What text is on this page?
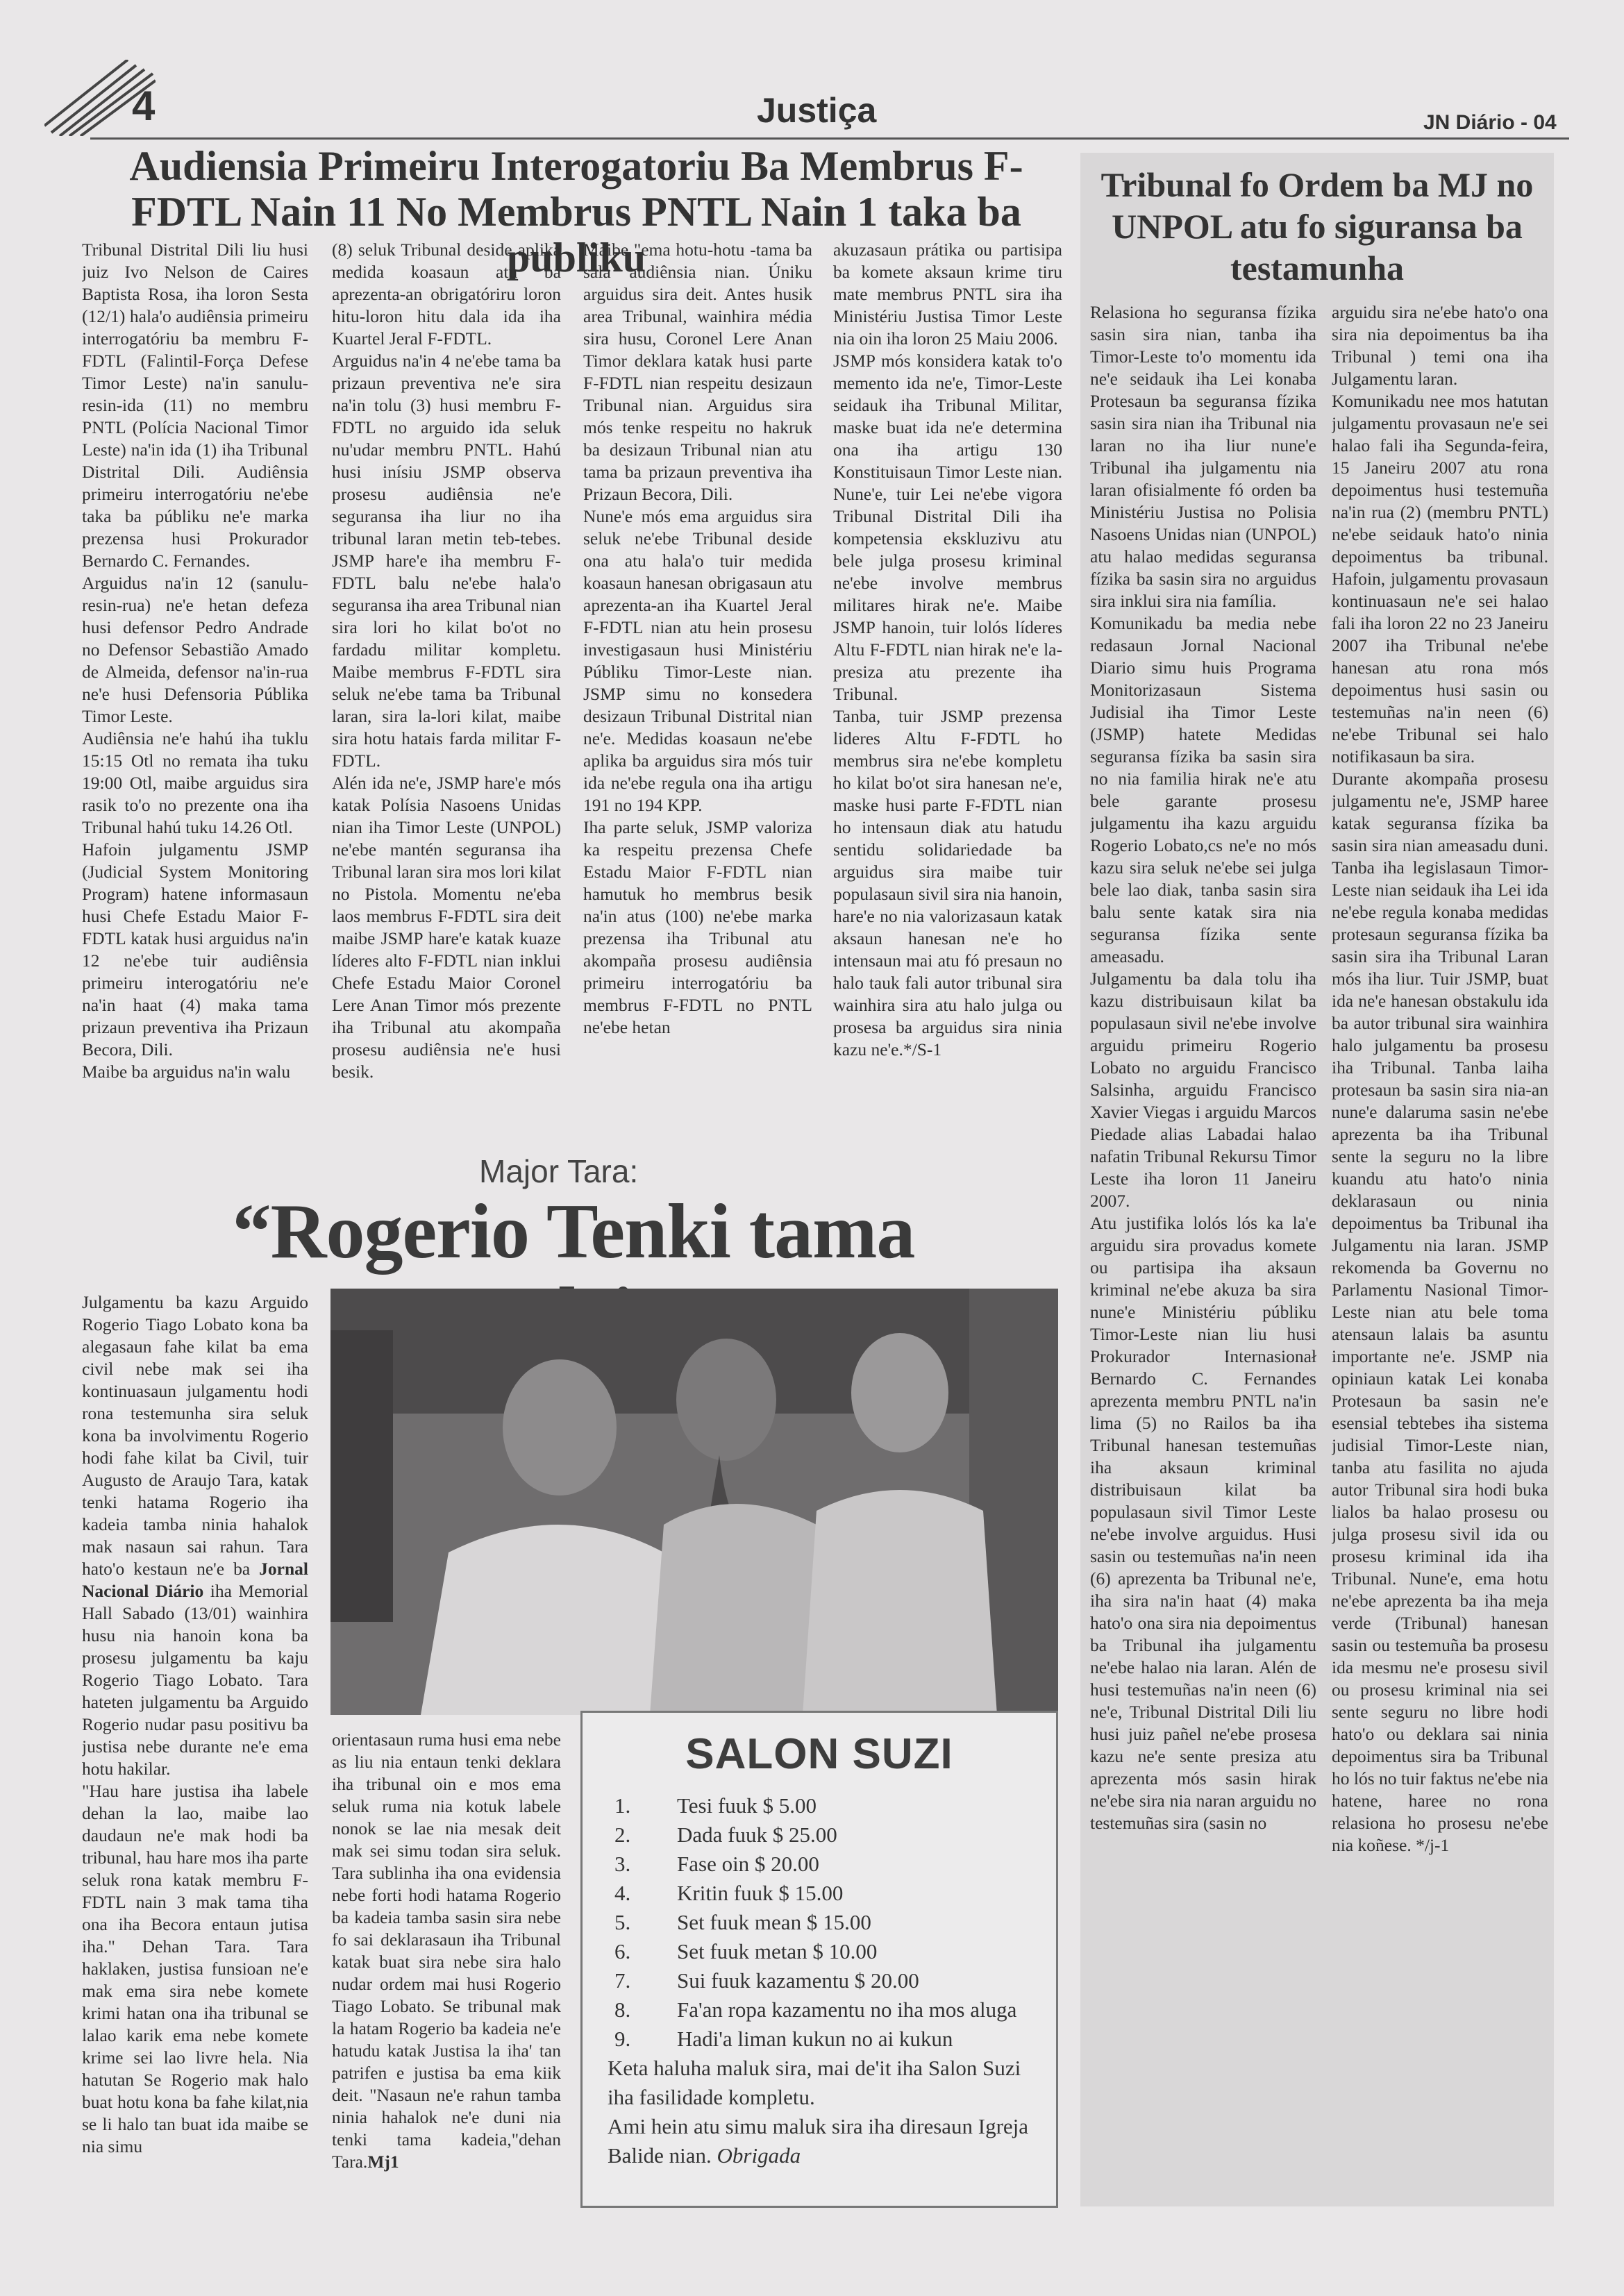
4	Justiça	JN Diário - 04
Audiensia Primeiru Interogatoriu Ba Membrus F-FDTL Nain 11 No Membrus PNTL Nain 1 taka ba publiku

Tribunal Distrital Dili liu husi juiz Ivo Nelson de Caires Baptista Rosa, iha loron Sesta (12/1) hala'o audiênsia primeiru interrogatóriu ba membru F-FDTL (Falintil-Força Defese Timor Leste) na'in sanulu-resin-ida (11) no membru PNTL (Polícia Nacional Timor Leste) na'in ida (1) iha Tribunal Distrital Dili. Audiênsia primeiru interrogatóriu ne'ebe taka ba públiku ne'e marka prezensa husi Prokurador Bernardo C. Fernandes.

Arguidus na'in 12 (sanulu-resin-rua) ne'e hetan defeza husi defensor Pedro Andrade no Defensor Sebastião Amado de Almeida, defensor na'in-rua ne'e husi Defensoria Públika Timor Leste.

Audiênsia ne'e hahú iha tuklu 15:15 Otl no remata iha tuku 19:00 Otl, maibe arguidus sira rasik to'o no prezente ona iha Tribunal hahú tuku 14.26 Otl.

Hafoin julgamentu JSMP (Judicial System Monitoring Program) hatene informasaun husi Chefe Estadu Maior F-FDTL katak husi arguidus na'in 12 ne'ebe tuir audiênsia primeiru interogatóriu ne'e na'in haat (4) maka tama prizaun preventiva iha Prizaun Becora, Dili.

Maibe ba arguidus na'in walu

(8) seluk Tribunal deside aplika medida koasaun atu ba aprezenta-an obrigatóriru loron hitu-loron hitu dala ida iha Kuartel Jeral F-FDTL.

Arguidus na'in 4 ne'ebe tama ba prizaun preventiva ne'e sira na'in tolu (3) husi membru F-FDTL no arguido ida seluk nu'udar membru PNTL. Hahú husi inísiu JSMP observa prosesu audiênsia ne'e seguransa iha liur no iha tribunal laran metin teb-tebes. JSMP hare'e iha membru F-FDTL balu ne'ebe hala'o seguransa iha area Tribunal nian sira lori ho kilat bo'ot no fardadu militar kompletu. Maibe membrus F-FDTL sira seluk ne'ebe tama ba Tribunal laran, sira la-lori kilat, maibe sira hotu hatais farda militar F-FDTL.

Alén ida ne'e, JSMP hare'e mós katak Polísia Nasoens Unidas nian iha Timor Leste (UNPOL) ne'ebe mantén seguransa iha Tribunal laran sira mos lori kilat no Pistola. Momentu ne'eba laos membrus F-FDTL sira deit maibe JSMP hare'e katak kuaze líderes alto F-FDTL nian inklui Chefe Estadu Maior Coronel Lere Anan Timor mós prezente iha Tribunal atu akompaña prosesu audiênsia ne'e husi besik.

Maibe "ema hotu-hotu -tama ba sala audiênsia nian. Úniku arguidus sira deit. Antes husik area Tribunal, wainhira média sira husu, Coronel Lere Anan Timor deklara katak husi parte F-FDTL nian respeitu desizaun Tribunal nian. Arguidus sira mós tenke respeitu no hakruk ba desizaun Tribunal nian atu tama ba prizaun preventiva iha Prizaun Becora, Dili.

Nune'e mós ema arguidus sira seluk ne'ebe Tribunal deside ona atu hala'o tuir medida koasaun hanesan obrigasaun atu aprezenta-an iha Kuartel Jeral F-FDTL nian atu hein prosesu investigasaun husi Ministériu Públiku Timor-Leste nian. JSMP simu no konsedera desizaun Tribunal Distrital nian ne'e. Medidas koasaun ne'ebe aplika ba arguidus sira mós tuir ida ne'ebe regula ona iha artigu 191 no 194 KPP.

Iha parte seluk, JSMP valoriza ka respeitu prezensa Chefe Estadu Maior F-FDTL nian hamutuk ho membrus besik na'in atus (100) ne'ebe marka prezensa iha Tribunal atu akompaña prosesu audiênsia primeiru interrogatóriu ba membrus F-FDTL no PNTL ne'ebe hetan

akuzasaun prátika ou partisipa ba komete aksaun krime tiru mate membrus PNTL sira iha Ministériu Justisa Timor Leste nia oin iha loron 25 Maiu 2006.

JSMP mós konsidera katak to'o memento ida ne'e, Timor-Leste seidauk iha Tribunal Militar, maske buat ida ne'e determina ona iha artigu 130 Konstituisaun Timor Leste nian. Nune'e, tuir Lei ne'ebe vigora Tribunal Distrital Dili iha kompetensia ekskluzivu atu bele julga prosesu kriminal ne'ebe involve membrus militares hirak ne'e. Maibe JSMP hanoin, tuir lolós líderes Altu F-FDTL nian hirak ne'e la-presiza atu prezente iha Tribunal.

Tanba, tuir JSMP prezensa lideres Altu F-FDTL ho membrus sira ne'ebe kompletu ho kilat bo'ot sira hanesan ne'e, maske husi parte F-FDTL nian ho intensaun diak atu hatudu sentidu solidariedade ba arguidus sira maibe tuir populasaun sivil sira nia hanoin, hare'e no nia valorizasaun katak aksaun hanesan ne'e ho intensaun mai atu fó presaun no halo tauk fali autor tribunal sira wainhira sira atu halo julga ou prosesa ba arguidus sira ninia kazu ne'e.*/S-1

Tribunal fo Ordem ba MJ no UNPOL atu fo siguransa ba testamunha

Relasiona ho seguransa fízika sasin sira nian, tanba iha Timor-Leste to'o momentu ida ne'e seidauk iha Lei konaba Protesaun ba seguransa fízika sasin sira nian iha Tribunal nia laran no iha liur nune'e Tribunal iha julgamentu nia laran ofisialmente fó orden ba Ministériu Justisa no Polisia Nasoens Unidas nian (UNPOL) atu halao medidas seguransa fízika ba sasin sira no arguidus sira inklui sira nia família.

Komunikadu ba media nebe redasaun Jornal Nacional Diario simu huis Programa Monitorizasaun Sistema Judisial iha Timor Leste (JSMP) hatete Medidas seguransa fízika ba sasin sira no nia familia hirak ne'e atu bele garante prosesu julgamentu iha kazu arguidu Rogerio Lobato,cs ne'e no mós kazu sira seluk ne'ebe sei julga bele lao diak, tanba sasin sira balu sente katak sira nia seguransa fízika sente ameasadu.

Julgamentu ba dala tolu iha kazu distribuisaun kilat ba populasaun sivil ne'ebe involve arguidu primeiru Rogerio Lobato no arguidu Francisco Salsinha, arguidu Francisco Xavier Viegas i arguidu Marcos Piedade alias Labadai halao nafatin Tribunal Rekursu Timor Leste iha loron 11 Janeiru 2007.

Atu justifika lolós lós ka la'e arguidu sira provadus komete ou partisipa iha aksaun kriminal ne'ebe akuza ba sira nune'e Ministériu públiku Timor-Leste nian liu husi Prokurador Internasionał Bernardo C. Fernandes aprezenta membru PNTL na'in lima (5) no Railos ba iha Tribunal hanesan testemuñas iha aksaun kriminal distribuisaun kilat ba populasaun sivil Timor Leste ne'ebe involve arguidus. Husi sasin ou testemuñas na'in neen (6) aprezenta ba Tribunal ne'e, iha sira na'in haat (4) maka hato'o ona sira nia depoimentus ba Tribunal iha julgamentu ne'ebe halao nia laran. Alén de husi testemuñas na'in neen (6) ne'e, Tribunal Distrital Dili liu husi juiz pañel ne'ebe prosesa kazu ne'e sente presiza atu aprezenta mós sasin hirak ne'ebe sira nia naran arguidu no testemuñas sira (sasin no

arguidu sira ne'ebe hato'o ona sira nia depoimentus ba iha Tribunal ) temi ona iha Julgamentu laran.

Komunikadu nee mos hatutan julgamentu provasaun ne'e sei halao fali iha Segunda-feira, 15 Janeiru 2007 atu rona depoimentus husi testemuña na'in rua (2) (membru PNTL) ne'ebe seidauk hato'o ninia depoimentus ba tribunal. Hafoin, julgamentu provasaun kontinuasaun ne'e sei halao fali iha loron 22 no 23 Janeiru 2007 iha Tribunal ne'ebe hanesan atu rona mós depoimentus husi sasin ou testemuñas na'in neen (6) ne'ebe Tribunal sei halo notifikasaun ba sira.

Durante akompaña prosesu julgamentu ne'e, JSMP haree katak seguransa fízika ba sasin sira nian ameasadu duni. Tanba iha legislasaun Timor-Leste nian seidauk iha Lei ida ne'ebe regula konaba medidas protesaun seguransa fízika ba sasin sira iha Tribunal Laran mós iha liur. Tuir JSMP, buat ida ne'e hanesan obstakulu ida ba autor tribunal sira wainhira halo julgamentu ba prosesu iha Tribunal. Tanba laiha protesaun ba sasin sira nia-an nune'e dalaruma sasin ne'ebe aprezenta ba iha Tribunal sente la seguru no la libre kuandu atu hato'o ninia deklarasaun ou ninia depoimentus ba Tribunal iha Julgamentu nia laran. JSMP rekomenda ba Governu no Parlamentu Nasional Timor-Leste nian atu bele toma atensaun lalais ba asuntu importante ne'e. JSMP nia opiniaun katak Lei konaba Protesaun ba sasin ne'e esensial tebtebes iha sistema judisial Timor-Leste nian, tanba atu fasilita no ajuda autor Tribunal sira hodi buka lialos ba halao prosesu ou julga prosesu sivil ida ou prosesu kriminal ida iha Tribunal. Nune'e, ema hotu ne'ebe aprezenta ba iha meja verde (Tribunal) hanesan sasin ou testemuña ba prosesu ida mesmu ne'e prosesu sivil ou prosesu kriminal nia sei sente seguru no libre hodi hato'o ou deklara sai ninia depoimentus sira ba Tribunal ho lós no tuir faktus ne'ebe nia hatene, haree no rona relasiona ho prosesu ne'ebe nia koñese. */j-1

Major Tara:
“Rogerio Tenki tama

Julgamentu ba kazu Arguido Rogerio Tiago Lobato kona ba alegasaun fahe kilat ba ema civil nebe mak sei iha kontinuasaun julgamentu hodi rona testemunha sira seluk kona ba involvimentu Rogerio hodi fahe kilat ba Civil, tuir Augusto de Araujo Tara, katak tenki hatama Rogerio iha kadeia tamba ninia hahalok mak nasaun sai rahun. Tara hato'o kestaun ne'e ba Jornal Nacional Diário iha Memorial Hall Sabado (13/01) wainhira husu nia hanoin kona ba prosesu julgamentu ba kaju Rogerio Tiago Lobato. Tara hateten julgamentu ba Arguido Rogerio nudar pasu positivu ba justisa nebe durante ne'e ema hotu hakilar.

"Hau hare justisa iha labele dehan la lao, maibe lao daudaun ne'e mak hodi ba tribunal, hau hare mos iha parte seluk rona katak membru F-FDTL nain 3 mak tama tiha ona iha Becora entaun jutisa iha." Dehan Tara. Tara haklaken, justisa funsioan ne'e mak ema sira nebe komete krimi hatan ona iha tribunal se lalao karik ema nebe komete krime sei lao livre hela. Nia hatutan Se Rogerio mak halo buat hotu kona ba fahe kilat,nia se li halo tan buat ida maibe se nia simu

orientasaun ruma husi ema nebe as liu nia entaun tenki deklara iha tribunal oin e mos ema seluk ruma nia kotuk labele nonok se lae nia mesak deit mak sei simu todan sira seluk. Tara sublinha iha ona evidensia nebe forti hodi hatama Rogerio ba kadeia tamba sasin sira nebe fo sai deklarasaun iha Tribunal katak buat sira nebe sira halo nudar ordem mai husi Rogerio Tiago Lobato. Se tribunal mak la hatam Rogerio ba kadeia ne'e hatudu katak Justisa la iha' tan patrifen e justisa ba ema kiik deit. "Nasaun ne'e rahun tamba ninia hahalok ne'e duni nia tenki tama kadeia,"dehan Tara.Mj1

SALON SUZI
1.	Tesi fuuk $ 5.00
2.	Dada fuuk $ 25.00
3.	Fase oin $ 20.00
4.	Kritin fuuk $ 15.00
5.	Set fuuk mean $ 15.00
6.	Set fuuk metan $ 10.00
7.	Sui fuuk kazamentu $ 20.00
8.	Fa'an ropa kazamentu no iha mos aluga
9.	Hadi'a liman kukun no ai kukun

Keta haluha maluk sira, mai de'it iha Salon Suzi iha fasilidade kompletu.

Ami hein atu simu maluk sira iha diresaun Igreja Balide nian. Obrigada
